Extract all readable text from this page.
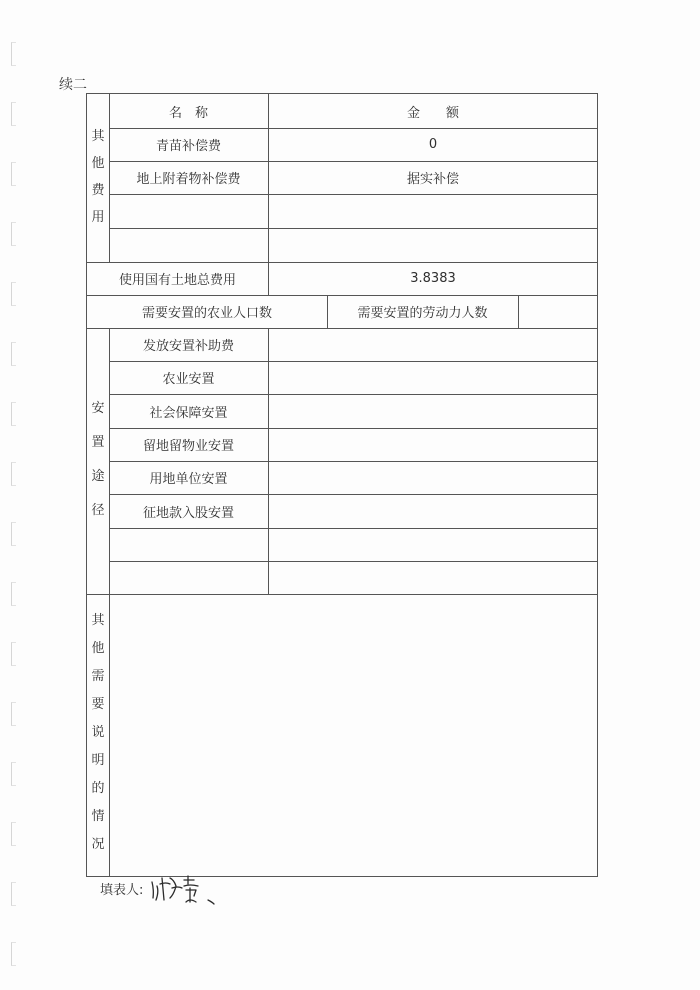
续二
其
他
费
用
名　称	金　　额
青苗补偿费	0
地上附着物补偿费	据实补偿
使用国有土地总费用	3.8383
需要安置的农业人口数	需要安置的劳动力人数
安
置
途
径
发放安置补助费
农业安置
社会保障安置
留地留物业安置
用地单位安置
征地款入股安置
其
他
需
要
说
明
的
情
况
填表人:
